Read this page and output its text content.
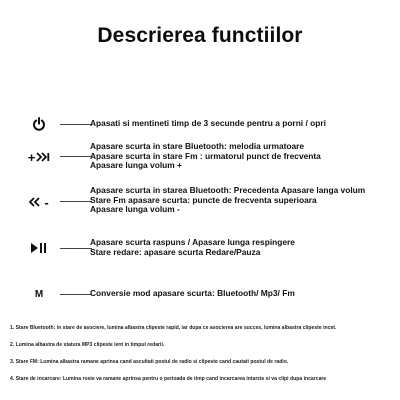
Descrierea functiilor
Apasati si mentineti timp de 3 secunde pentru a porni / opri
+
Apasare scurta in stare Bluetooth: melodia urmatoare
Apasare scurta in stare Fm : urmatorul punct de frecventa
Apasare lunga volum +
-
Apasare scurta in starea Bluetooth: Precedenta Apasare langa volum
Stare Fm apasare scurta: puncte de frecventa superioara
Apasare lunga volum -
Apasare scurta raspuns / Apasare lunga respingere
Stare redare: apasare scurta Redare/Pauza
M	Conversie mod apasare scurta: Bluetooth/ Mp3/ Fm
1. Stare Bluetooth: in stare de asociere, lumina albastra clipeste rapid, iar dupa ce asocierea are succes, lumina albastra clipeste incet.
2. Lumina albastra de statura MP3 clipeste lent in timpul redarii.
3. Stare FM: Lumina albastra ramane aprinsa cand ascultati postul de radio si clipeste cand cautati postul de radio.
4. Stare de incarcare: Lumina rosie va ramane aprinsa pentru o perioada de timp cand incarcarea intarzie si va clipi dupa incarcare
